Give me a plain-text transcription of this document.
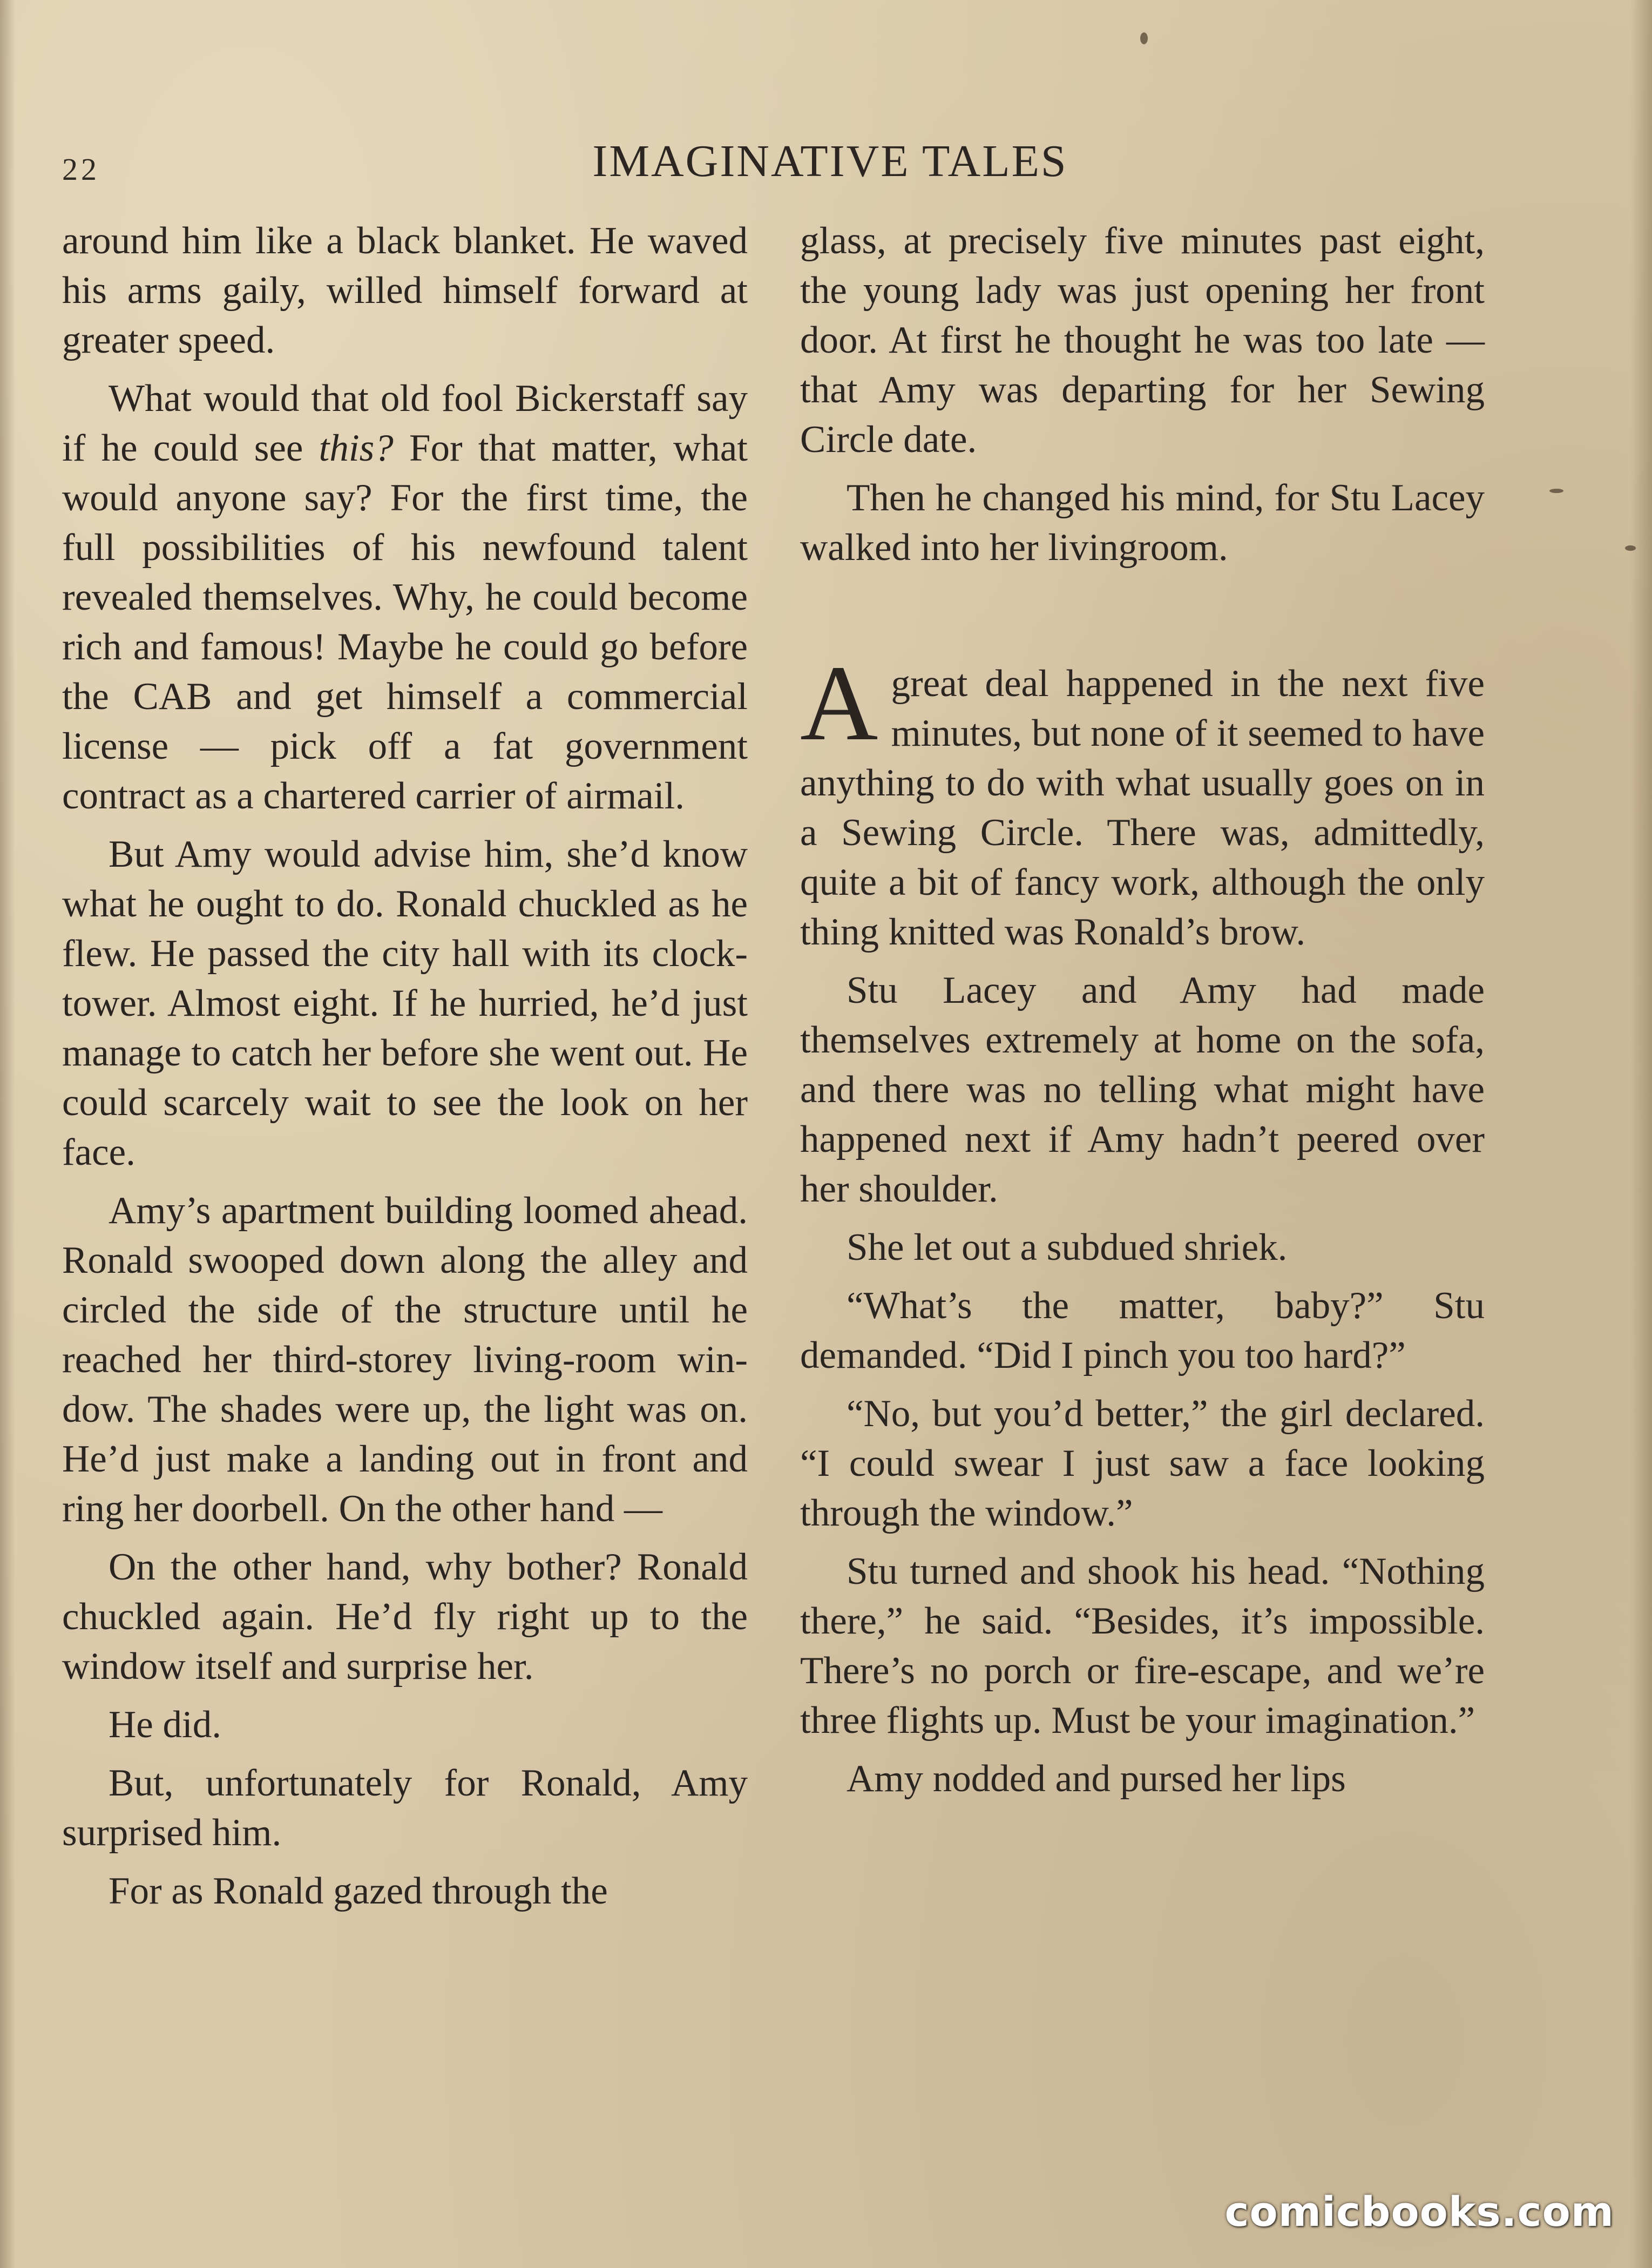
22	IMAGINATIVE TALES

around him like a black blanket. He waved his arms gaily, willed himself forward at greater speed.

What would that old fool Bickerstaff say if he could see this? For that matter, what would anyone say? For the first time, the full possibilities of his newfound talent revealed themselves. Why, he could become rich and famous! Maybe he could go before the CAB and get himself a commercial license — pick off a fat government contract as a chartered carrier of airmail.

But Amy would advise him, she’d know what he ought to do. Ronald chuckled as he flew. He passed the city hall with its clock-tower. Almost eight. If he hurried, he’d just manage to catch her before she went out. He could scarcely wait to see the look on her face.

Amy’s apartment building loomed ahead. Ronald swooped down along the alley and circled the side of the structure until he reached her third-storey living-room window. The shades were up, the light was on. He’d just make a landing out in front and ring her doorbell. On the other hand —

On the other hand, why bother? Ronald chuckled again. He’d fly right up to the window itself and surprise her.

He did.

But, unfortunately for Ronald, Amy surprised him.

For as Ronald gazed through the

glass, at precisely five minutes past eight, the young lady was just opening her front door. At first he thought he was too late — that Amy was departing for her Sewing Circle date.

Then he changed his mind, for Stu Lacey walked into her livingroom.

Agreat deal happened in the next five minutes, but none of it seemed to have anything to do with what usually goes on in a Sewing Circle. There was, admittedly, quite a bit of fancy work, although the only thing knitted was Ronald’s brow.

Stu Lacey and Amy had made themselves extremely at home on the sofa, and there was no telling what might have happened next if Amy hadn’t peered over her shoulder.

She let out a subdued shriek.

“What’s the matter, baby?” Stu demanded. “Did I pinch you too hard?”

“No, but you’d better,” the girl declared. “I could swear I just saw a face looking through the window.”

Stu turned and shook his head. “Nothing there,” he said. “Besides, it’s impossible. There’s no porch or fire-escape, and we’re three flights up. Must be your imagination.”

Amy nodded and pursed her lips

comicbooks.com
